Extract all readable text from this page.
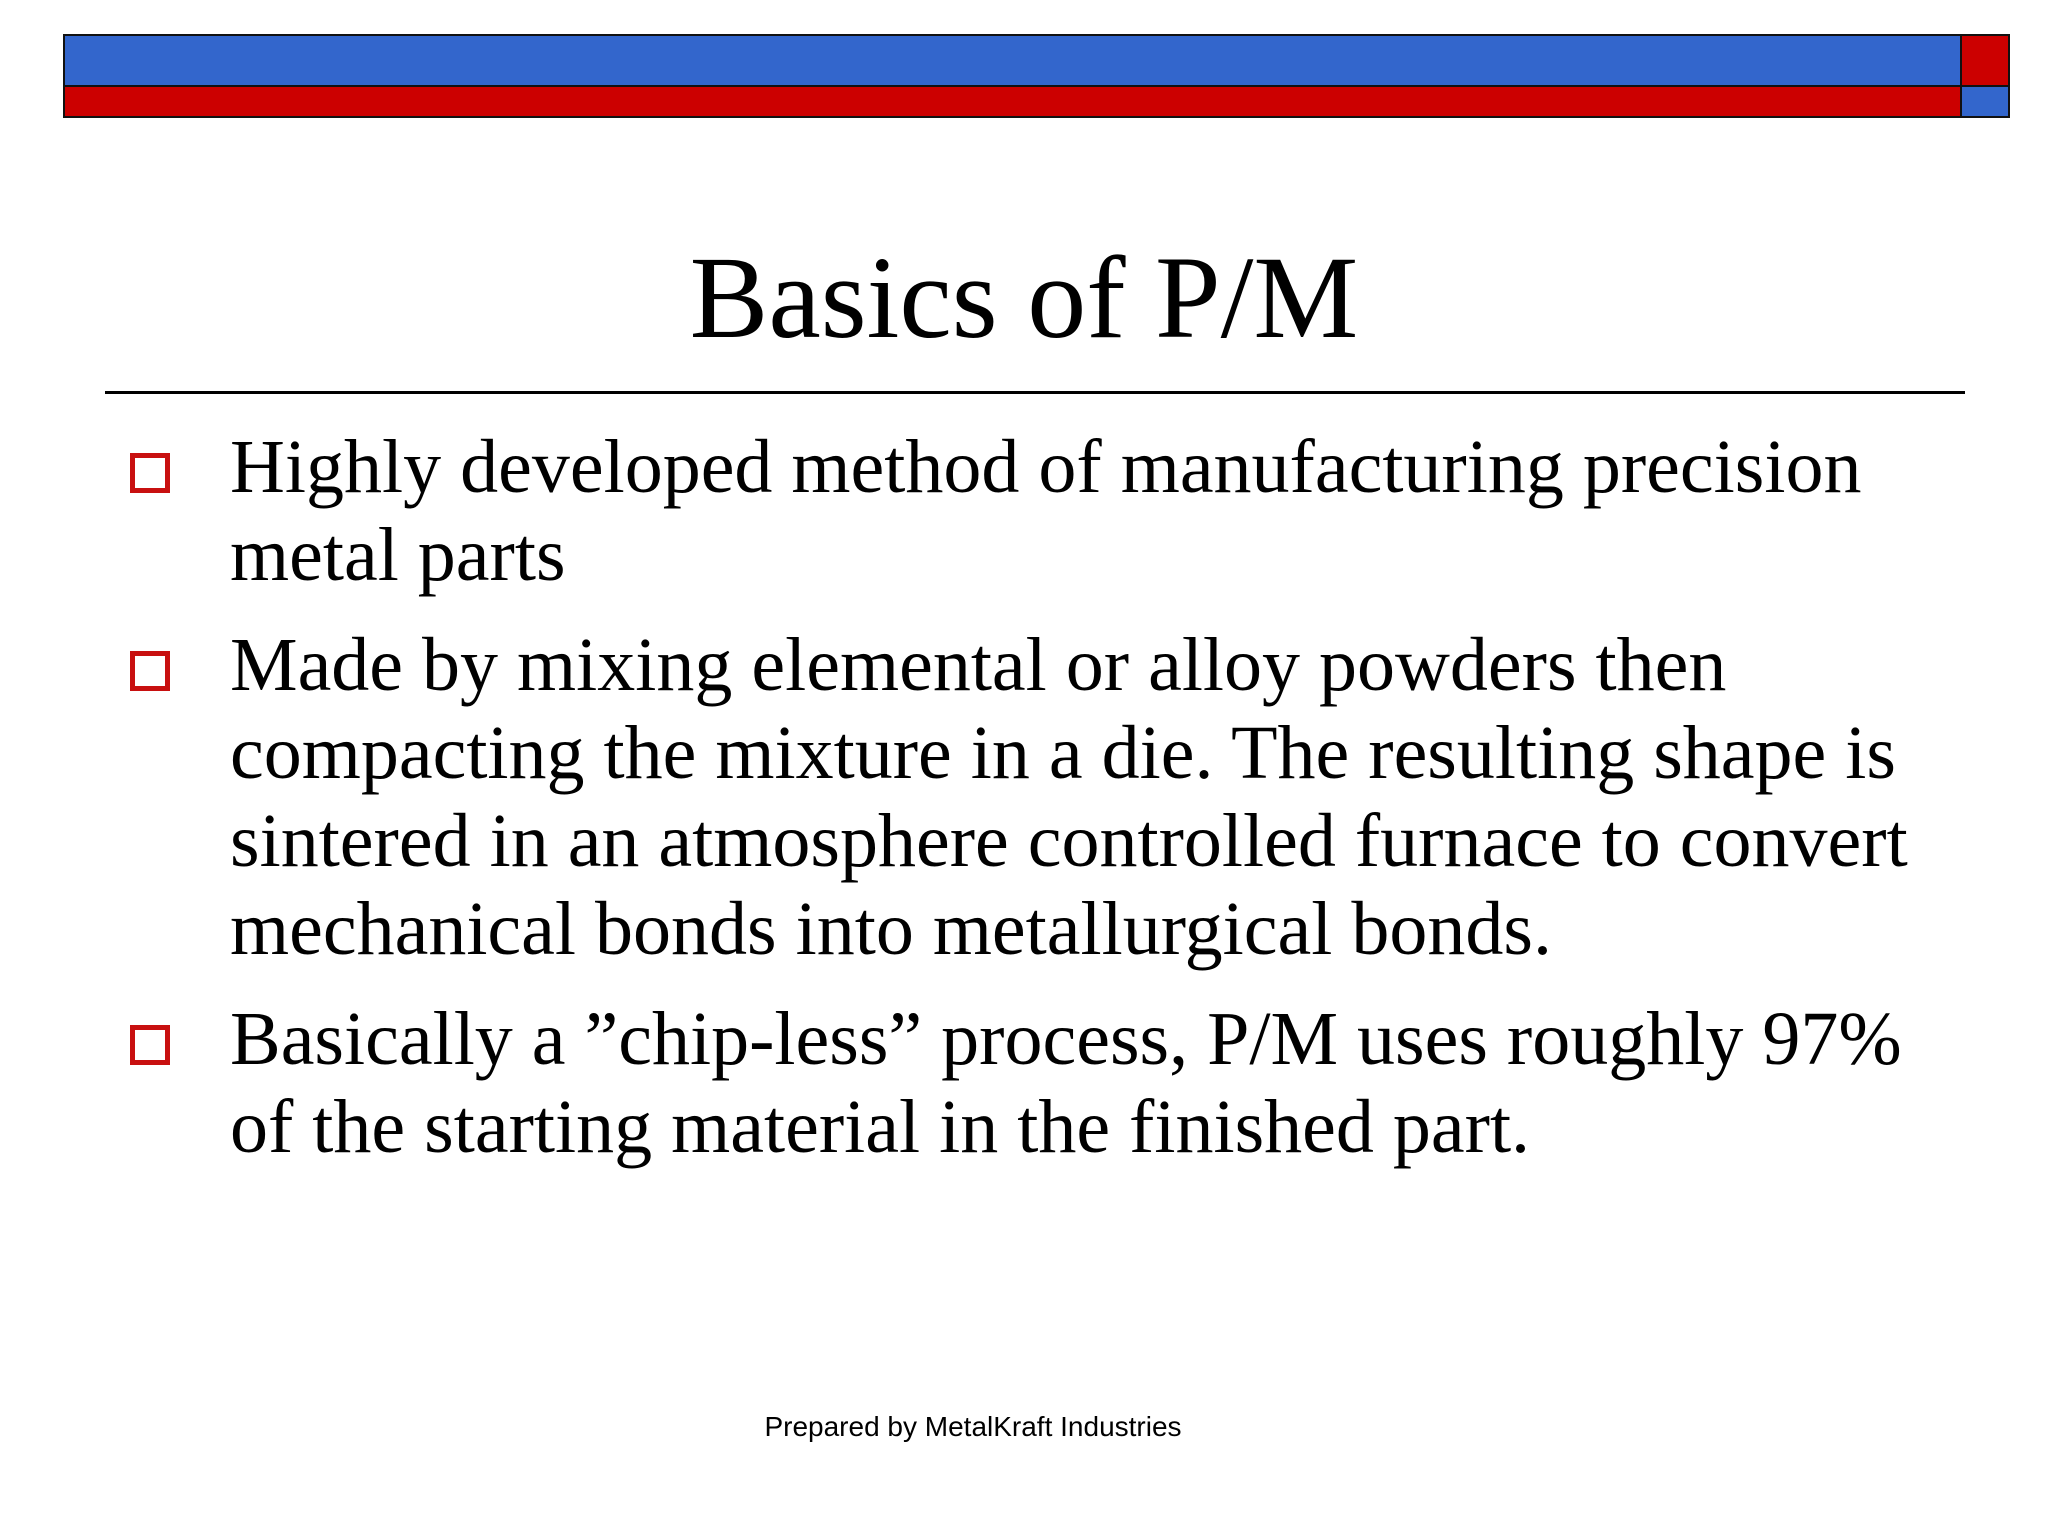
Basics of P/M
Highly developed method of manufacturing precision metal parts
Made by mixing elemental or alloy powders then compacting the mixture in a die. The resulting shape is sintered in an atmosphere controlled furnace to convert mechanical bonds into metallurgical bonds.
Basically a ”chip-less” process, P/M uses roughly 97% of the starting material in the finished part.
Prepared by MetalKraft Industries
